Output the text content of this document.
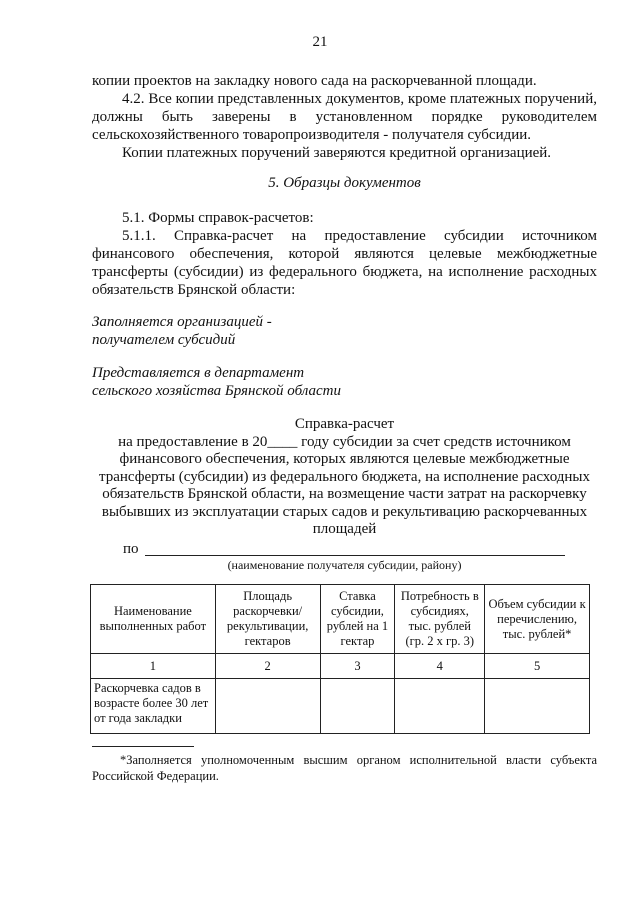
21

копии проектов на закладку нового сада на раскорчеванной площади.

4.2. Все копии представленных документов, кроме платежных поручений, должны быть заверены в установленном порядке руководителем сельскохозяйственного товаропроизводителя - получателя субсидии.

Копии платежных поручений заверяются кредитной организацией.

5. Образцы документов

5.1. Формы справок-расчетов:

5.1.1. Справка-расчет на предоставление субсидии источником финансового обеспечения, которой являются целевые межбюджетные трансферты (субсидии) из федерального бюджета, на исполнение расходных обязательств Брянской области:

Заполняется организацией -
получателем субсидий
Представляется в департамент
сельского хозяйства Брянской области
Справка-расчет
на предоставление в 20____ году субсидии за счет средств источником
финансового обеспечения, которых являются целевые межбюджетные
трансферты (субсидии) из федерального бюджета, на исполнение расходных
обязательств Брянской области, на возмещение части затрат на раскорчевку
выбывших из эксплуатации старых садов и рекультивацию раскорчеванных
площадей
по
(наименование получателя субсидии, району)
Наименование выполненных работ	Площадь раскорчевки/рекультивации, гектаров	Ставка субсидии, рублей на 1 гектар	Потребность в субсидиях, тыс. рублей (гр. 2 х гр. 3)	Объем субсидии к перечислению, тыс. рублей*
1	2	3	4	5
Раскорчевка садов в возрасте более 30 лет от года закладки				
*Заполняется уполномоченным высшим органом исполнительной власти субъекта Российской Федерации.
